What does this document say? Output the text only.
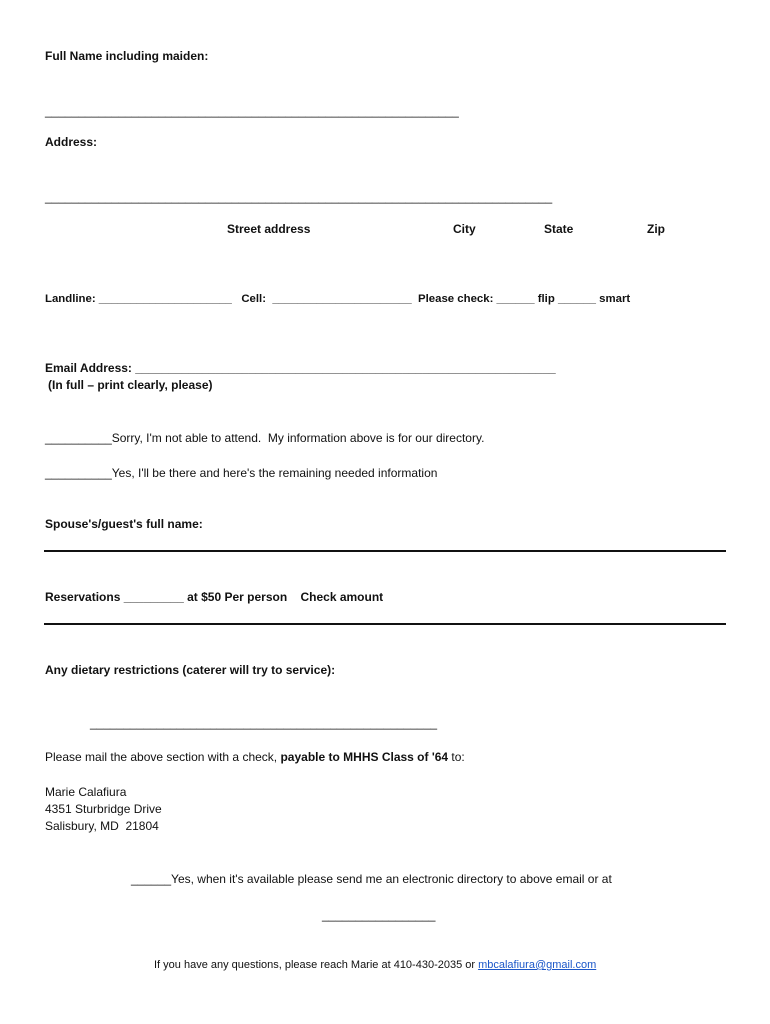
Full Name including maiden:
______________________________________________________________
Address:
____________________________________________________________________________
Street address	City	State	Zip
Landline: _____________________   Cell:  ______________________  Please check: ______ flip ______ smart
Email Address: _______________________________________________________________
(In full – print clearly, please)
__________Sorry, I'm not able to attend.  My information above is for our directory.
__________Yes, I'll be there and here's the remaining needed information
Spouse's/guest's full name:
Reservations _________ at $50 Per person    Check amount
Any dietary restrictions (caterer will try to service):
____________________________________________________
Please mail the above section with a check, payable to MHHS Class of '64 to:
Marie Calafiura
4351 Sturbridge Drive
Salisbury, MD  21804
______Yes, when it's available please send me an electronic directory to above email or at
_________________
If you have any questions, please reach Marie at 410-430-2035 or mbcalafiura@gmail.com
